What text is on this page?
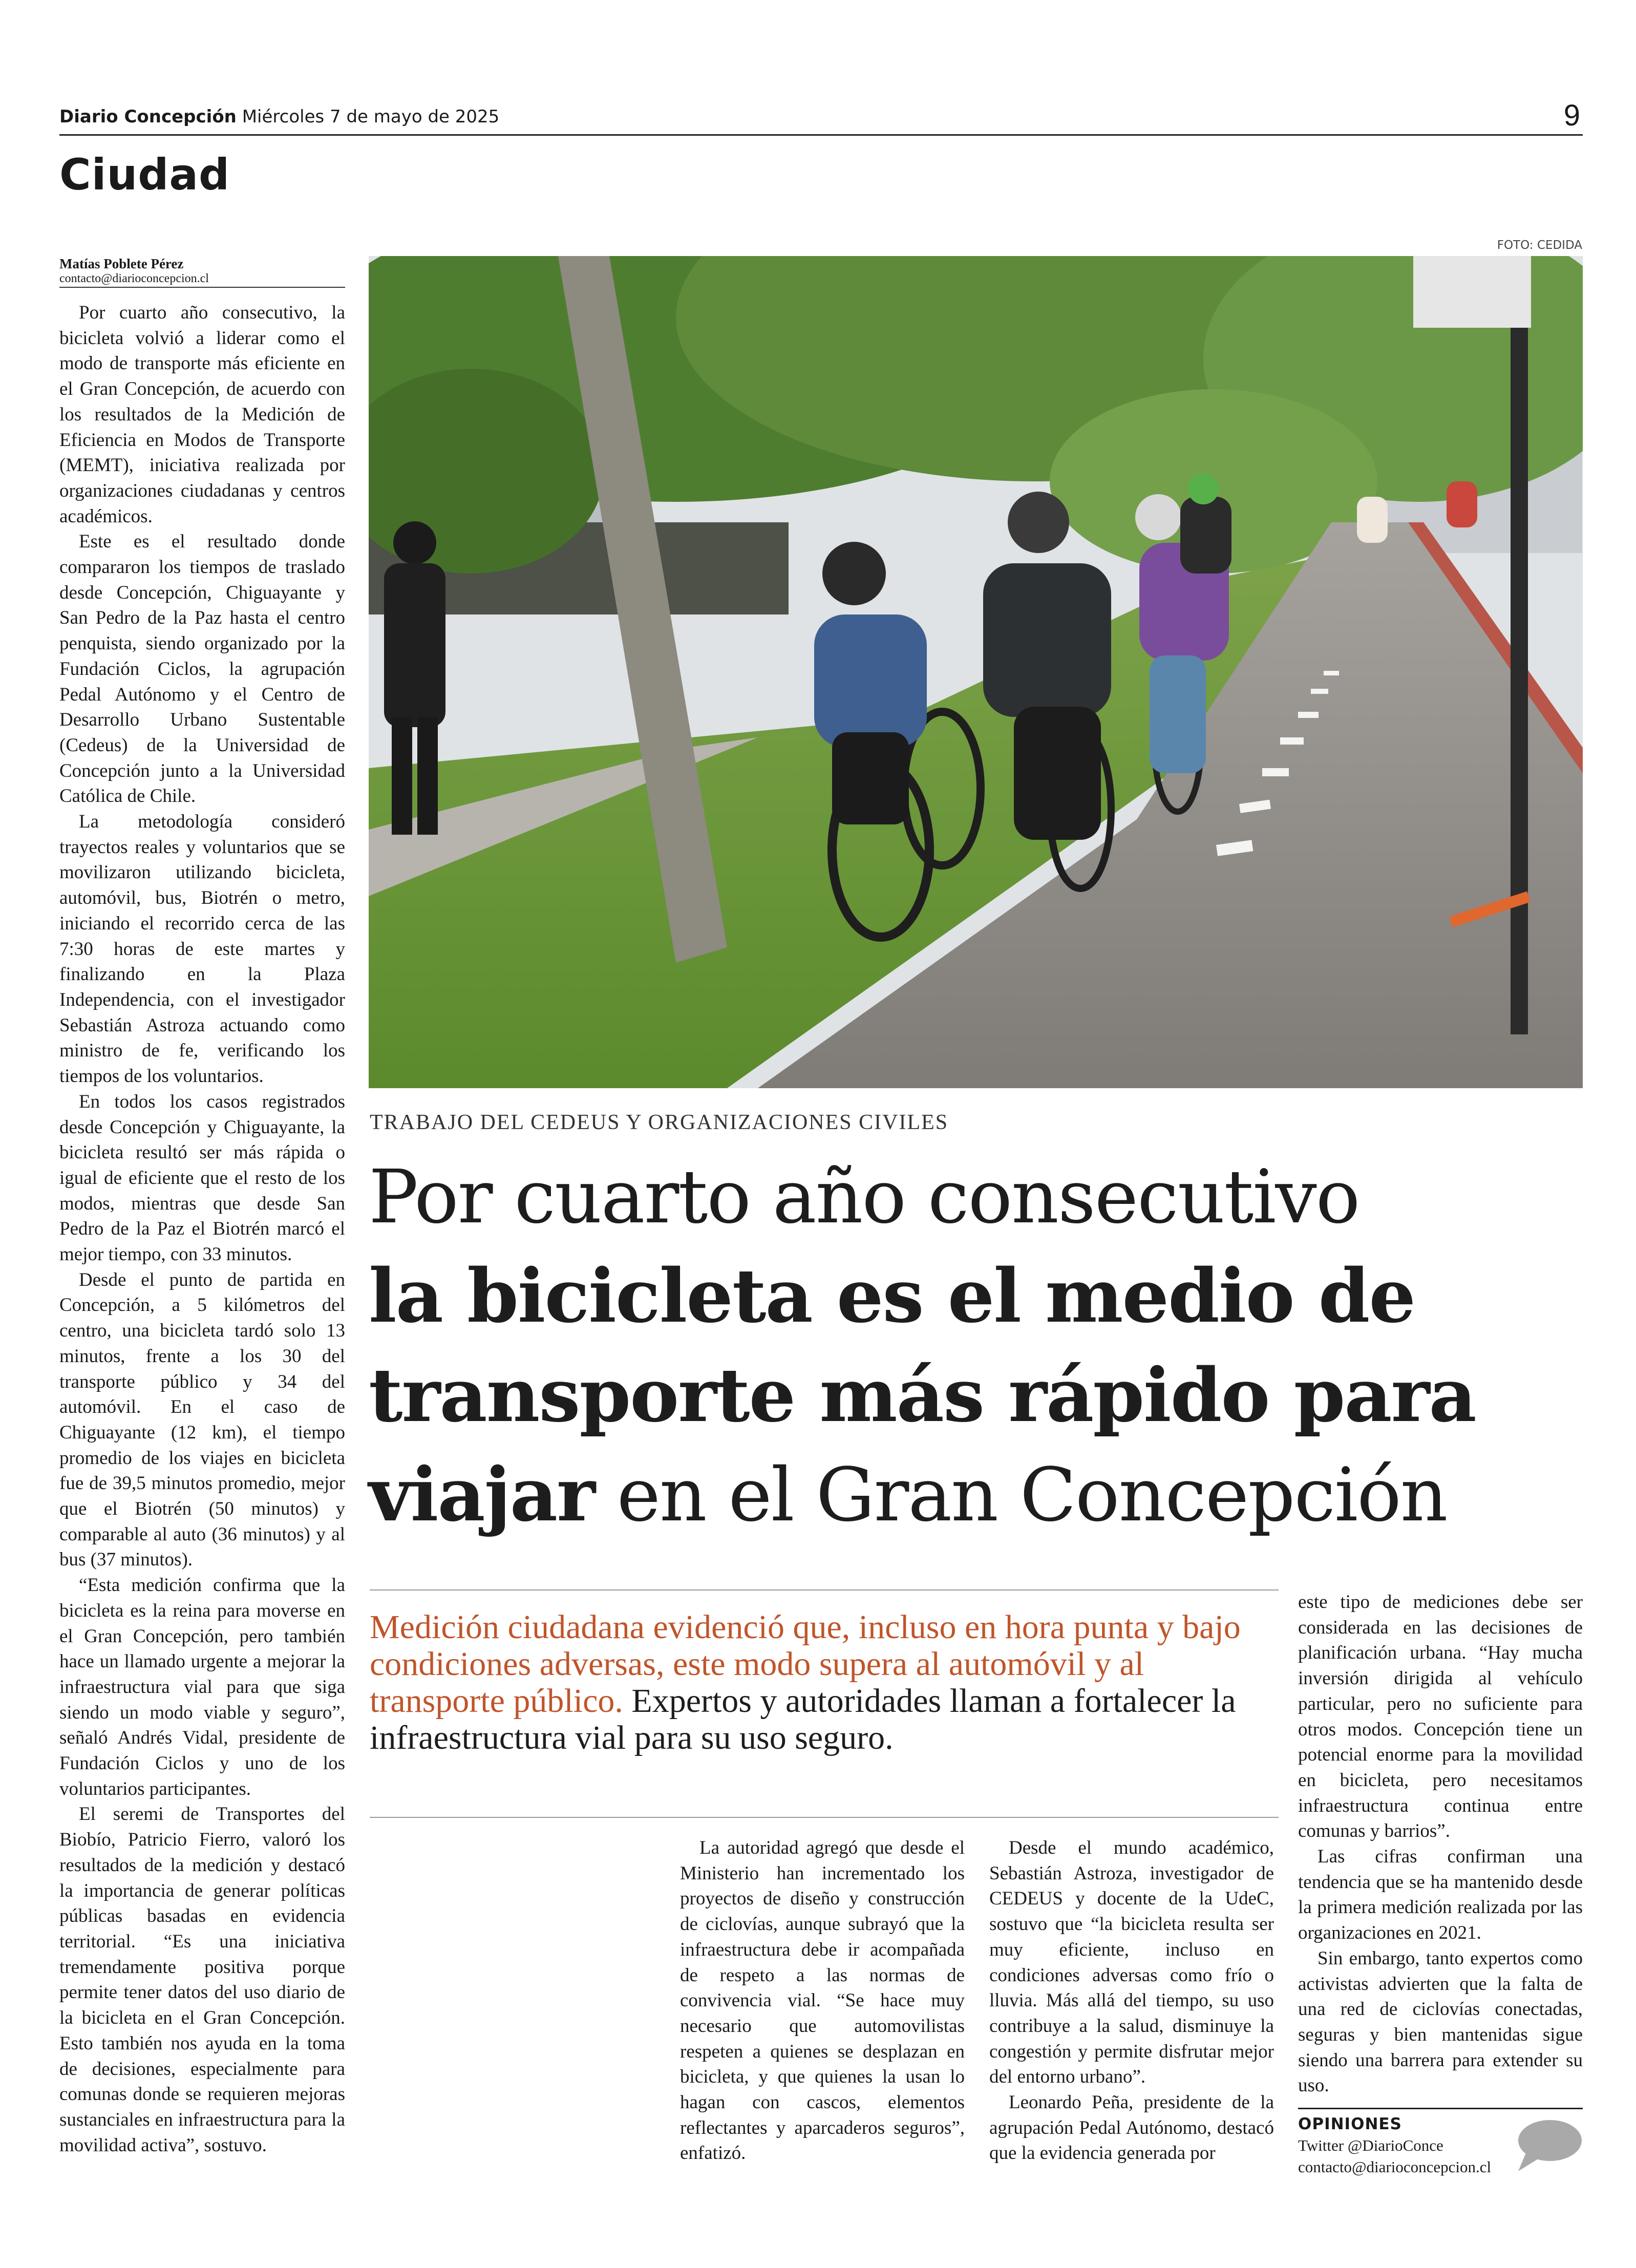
Diario Concepción Miércoles 7 de mayo de 2025	9
Ciudad
Matías Poblete Pérez
contacto@diarioconcepcion.cl

Por cuarto año consecutivo, la bicicleta volvió a liderar como el modo de transporte más eficiente en el Gran Concepción, de acuerdo con los resultados de la Medición de Eficiencia en Modos de Transporte (MEMT), iniciativa realizada por organizaciones ciudadanas y centros académicos.

Este es el resultado donde compararon los tiempos de traslado desde Concepción, Chiguayante y San Pedro de la Paz hasta el centro penquista, siendo organizado por la Fundación Ciclos, la agrupación Pedal Autónomo y el Centro de Desarrollo Urbano Sustentable (Cedeus) de la Universidad de Concepción junto a la Universidad Católica de Chile.

La metodología consideró trayectos reales y voluntarios que se movilizaron utilizando bicicleta, automóvil, bus, Biotrén o metro, iniciando el recorrido cerca de las 7:30 horas de este martes y finalizando en la Plaza Independencia, con el investigador Sebastián Astroza actuando como ministro de fe, verificando los tiempos de los voluntarios.

En todos los casos registrados desde Concepción y Chiguayante, la bicicleta resultó ser más rápida o igual de eficiente que el resto de los modos, mientras que desde San Pedro de la Paz el Biotrén marcó el mejor tiempo, con 33 minutos.

Desde el punto de partida en Concepción, a 5 kilómetros del centro, una bicicleta tardó solo 13 minutos, frente a los 30 del transporte público y 34 del automóvil. En el caso de Chiguayante (12 km), el tiempo promedio de los viajes en bicicleta fue de 39,5 minutos promedio, mejor que el Biotrén (50 minutos) y comparable al auto (36 minutos) y al bus (37 minutos).

“Esta medición confirma que la bicicleta es la reina para moverse en el Gran Concepción, pero también hace un llamado urgente a mejorar la infraestructura vial para que siga siendo un modo viable y seguro”, señaló Andrés Vidal, presidente de Fundación Ciclos y uno de los voluntarios participantes.

El seremi de Transportes del Biobío, Patricio Fierro, valoró los resultados de la medición y destacó la importancia de generar políticas públicas basadas en evidencia territorial. “Es una iniciativa tremendamente positiva porque permite tener datos del uso diario de la bicicleta en el Gran Concepción. Esto también nos ayuda en la toma de decisiones, especialmente para comunas donde se requieren mejoras sustanciales en infraestructura para la movilidad activa”, sostuvo.

FOTO: CEDIDA
TRABAJO DEL CEDEUS Y ORGANIZACIONES CIVILES
Por cuarto año consecutivo
la bicicleta es el medio de
transporte más rápido para
viajar en el Gran Concepción
Medición ciudadana evidenció que, incluso en hora punta y bajo condiciones adversas, este modo supera al automóvil y al transporte público. Expertos y autoridades llaman a fortalecer la infraestructura vial para su uso seguro.

La autoridad agregó que desde el Ministerio han incrementado los proyectos de diseño y construcción de ciclovías, aunque subrayó que la infraestructura debe ir acompañada de respeto a las normas de convivencia vial. “Se hace muy necesario que automovilistas respeten a quienes se desplazan en bicicleta, y que quienes la usan lo hagan con cascos, elementos reflectantes y aparcaderos seguros”, enfatizó.

Desde el mundo académico, Sebastián Astroza, investigador de CEDEUS y docente de la UdeC, sostuvo que “la bicicleta resulta ser muy eficiente, incluso en condiciones adversas como frío o lluvia. Más allá del tiempo, su uso contribuye a la salud, disminuye la congestión y permite disfrutar mejor del entorno urbano”.

Leonardo Peña, presidente de la agrupación Pedal Autónomo, destacó que la evidencia generada por

este tipo de mediciones debe ser considerada en las decisiones de planificación urbana. “Hay mucha inversión dirigida al vehículo particular, pero no suficiente para otros modos. Concepción tiene un potencial enorme para la movilidad en bicicleta, pero necesitamos infraestructura continua entre comunas y barrios”.

Las cifras confirman una tendencia que se ha mantenido desde la primera medición realizada por las organizaciones en 2021.

Sin embargo, tanto expertos como activistas advierten que la falta de una red de ciclovías conectadas, seguras y bien mantenidas sigue siendo una barrera para extender su uso.

OPINIONES
Twitter @DiarioConce
contacto@diarioconcepcion.cl
